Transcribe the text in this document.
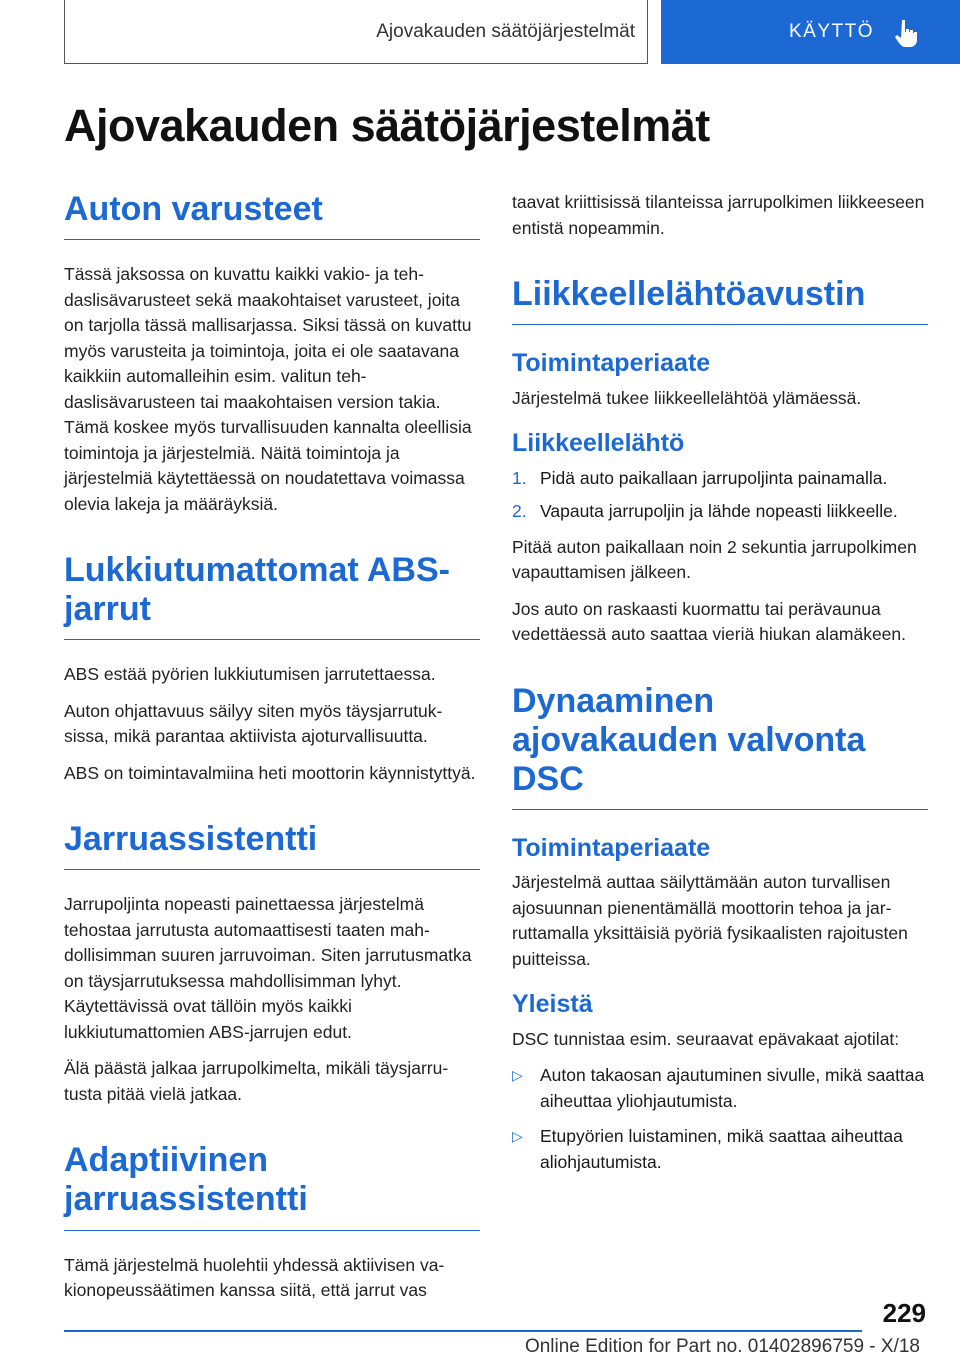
Ajovakauden säätöjärjestelmät	KÄYTTÖ
Ajovakauden säätöjärjestelmät
Auton varusteet

Tässä jaksossa on kuvattu kaikki vakio- ja tehdaslisävarusteet sekä maakohtaiset varusteet, joita on tarjolla tässä mallisarjassa. Siksi tässä on kuvattu myös varusteita ja toimintoja, joita ei ole saatavana kaikkiin automalleihin esim. valitun tehdaslisävarusteen tai maakohtaisen version takia. Tämä koskee myös turvallisuuden kannalta oleellisia toimintoja ja järjestelmiä. Näitä toimintoja ja järjestelmiä käytettäessä on noudatettava voimassa olevia lakeja ja määräyksiä.

Lukkiutumattomat ABS-jarrut

ABS estää pyörien lukkiutumisen jarrutettaessa.

Auton ohjattavuus säilyy siten myös täysjarrutuksissa, mikä parantaa aktiivista ajoturvallisuutta.

ABS on toimintavalmiina heti moottorin käynnistyttyä.

Jarruassistentti

Jarrupoljinta nopeasti painettaessa järjestelmä tehostaa jarrutusta automaattisesti taaten mahdollisimman suuren jarruvoiman. Siten jarrutusmatka on täysjarrutuksessa mahdollisimman lyhyt. Käytettävissä ovat tällöin myös kaikki lukkiutumattomien ABS-jarrujen edut.

Älä päästä jalkaa jarrupolkimelta, mikäli täysjarrutusta pitää vielä jatkaa.

Adaptiivinen jarruassistentti

Tämä järjestelmä huolehtii yhdessä aktiivisen vakionopeussäätimen kanssa siitä, että jarrut vas

taavat kriittisissä tilanteissa jarrupolkimen liikkeeseen entistä nopeammin.

Liikkeellelähtöavustin
Toimintaperiaate

Järjestelmä tukee liikkeellelähtöä ylämäessä.

Liikkeellelähtö
1. Pidä auto paikallaan jarrupoljinta painamalla.
2. Vapauta jarrupoljin ja lähde nopeasti liikkeelle.

Pitää auton paikallaan noin 2 sekuntia jarrupolkimen vapauttamisen jälkeen.

Jos auto on raskaasti kuormattu tai perävaunua vedettäessä auto saattaa vieriä hiukan alamäkeen.

Dynaaminen ajovakauden valvonta DSC
Toimintaperiaate

Järjestelmä auttaa säilyttämään auton turvallisen ajosuunnan pienentämällä moottorin tehoa ja jarruttamalla yksittäisiä pyöriä fysikaalisten rajoitusten puitteissa.

Yleistä

DSC tunnistaa esim. seuraavat epävakaat ajotilat:

▷ Auton takaosan ajautuminen sivulle, mikä saattaa aiheuttaa yliohjautumista.
▷ Etupyörien luistaminen, mikä saattaa aiheuttaa aliohjautumista.
229
Online Edition for Part no. 01402896759 - X/18
